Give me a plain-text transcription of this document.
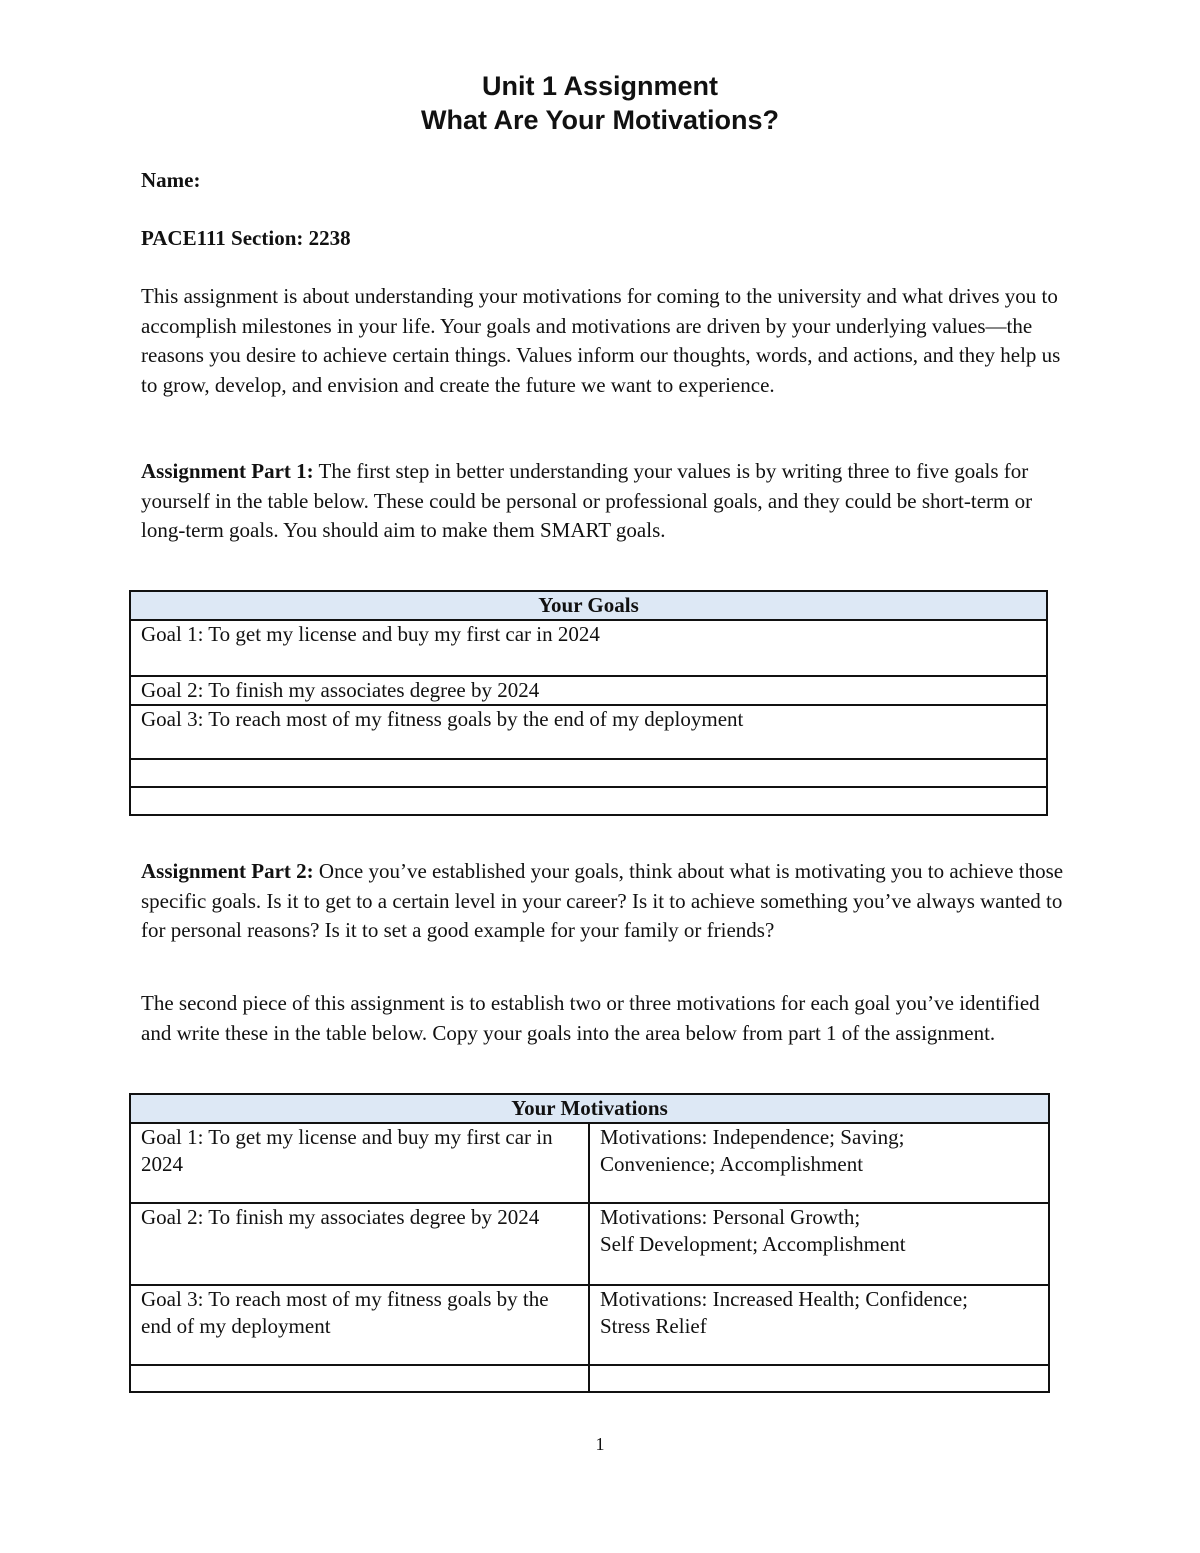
Unit 1 Assignment
What Are Your Motivations?
Name:
PACE111 Section: 2238

This assignment is about understanding your motivations for coming to the university and what drives you to accomplish milestones in your life. Your goals and motivations are driven by your underlying values—the reasons you desire to achieve certain things. Values inform our thoughts, words, and actions, and they help us to grow, develop, and envision and create the future we want to experience.

Assignment Part 1: The first step in better understanding your values is by writing three to five goals for yourself in the table below. These could be personal or professional goals, and they could be short-term or long-term goals. You should aim to make them SMART goals.

Your Goals
Goal 1: To get my license and buy my first car in 2024
Goal 2: To finish my associates degree by 2024
Goal 3: To reach most of my fitness goals by the end of my deployment

Assignment Part 2: Once you’ve established your goals, think about what is motivating you to achieve those specific goals. Is it to get to a certain level in your career? Is it to achieve something you’ve always wanted to for personal reasons? Is it to set a good example for your family or friends?

The second piece of this assignment is to establish two or three motivations for each goal you’ve identified and write these in the table below. Copy your goals into the area below from part 1 of the assignment.

Your Motivations	
Goal 1: To get my license and buy my first car in 2024	Motivations: Independence; Saving;
Convenience; Accomplishment
Goal 2: To finish my associates degree by 2024	Motivations: Personal Growth;
Self Development; Accomplishment
Goal 3: To reach most of my fitness goals by the end of my deployment	Motivations: Increased Health; Confidence;
Stress Relief

1
